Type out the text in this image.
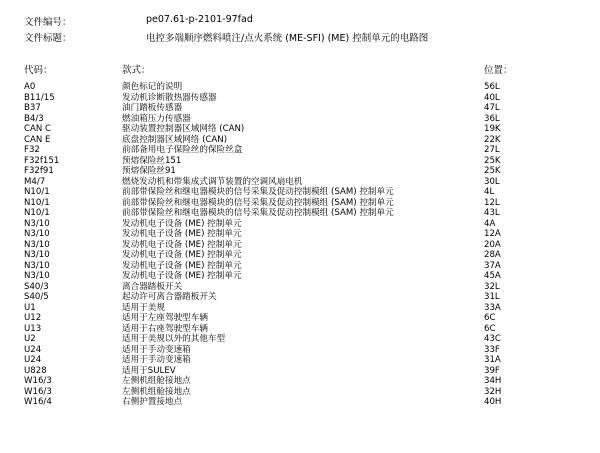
文件编号：	pe07.61-p-2101-97fad
文件标题：	电控多端顺序燃料喷注/点火系统 (ME-SFI) (ME) 控制单元的电路图
代码：	款式：	位置：
A0	颜色标记的说明	56L
B11/15	发动机诊断散热器传感器	40L
B37	油门踏板传感器	47L
B4/3	燃油箱压力传感器	36L
CAN C	驱动装置控制器区域网络 (CAN)	19K
CAN E	底盘控制器区域网络 (CAN)	22K
F32	前部备用电子保险丝的保险丝盒	27L
F32f151	预熔保险丝151	25K
F32f91	预熔保险丝91	25K
M4/7	燃烧发动机和带集成式调节装置的空调风扇电机	30L
N10/1	前部带保险丝和继电器模块的信号采集及促动控制模组 (SAM) 控制单元	4L
N10/1	前部带保险丝和继电器模块的信号采集及促动控制模组 (SAM) 控制单元	12L
N10/1	前部带保险丝和继电器模块的信号采集及促动控制模组 (SAM) 控制单元	43L
N3/10	发动机电子设备 (ME) 控制单元	4A
N3/10	发动机电子设备 (ME) 控制单元	12A
N3/10	发动机电子设备 (ME) 控制单元	20A
N3/10	发动机电子设备 (ME) 控制单元	28A
N3/10	发动机电子设备 (ME) 控制单元	37A
N3/10	发动机电子设备 (ME) 控制单元	45A
S40/3	离合器踏板开关	32L
S40/5	起动许可离合器踏板开关	31L
U1	适用于美规	33A
U12	适用于左座驾驶型车辆	6C
U13	适用于右座驾驶型车辆	6C
U2	适用于美规以外的其他车型	43C
U24	适用于手动变速箱	33F
U24	适用于手动变速箱	31A
U828	适用于SULEV	39F
W16/3	左侧机组舱接地点	34H
W16/3	左侧机组舱接地点	32H
W16/4	右侧护置接地点	40H
